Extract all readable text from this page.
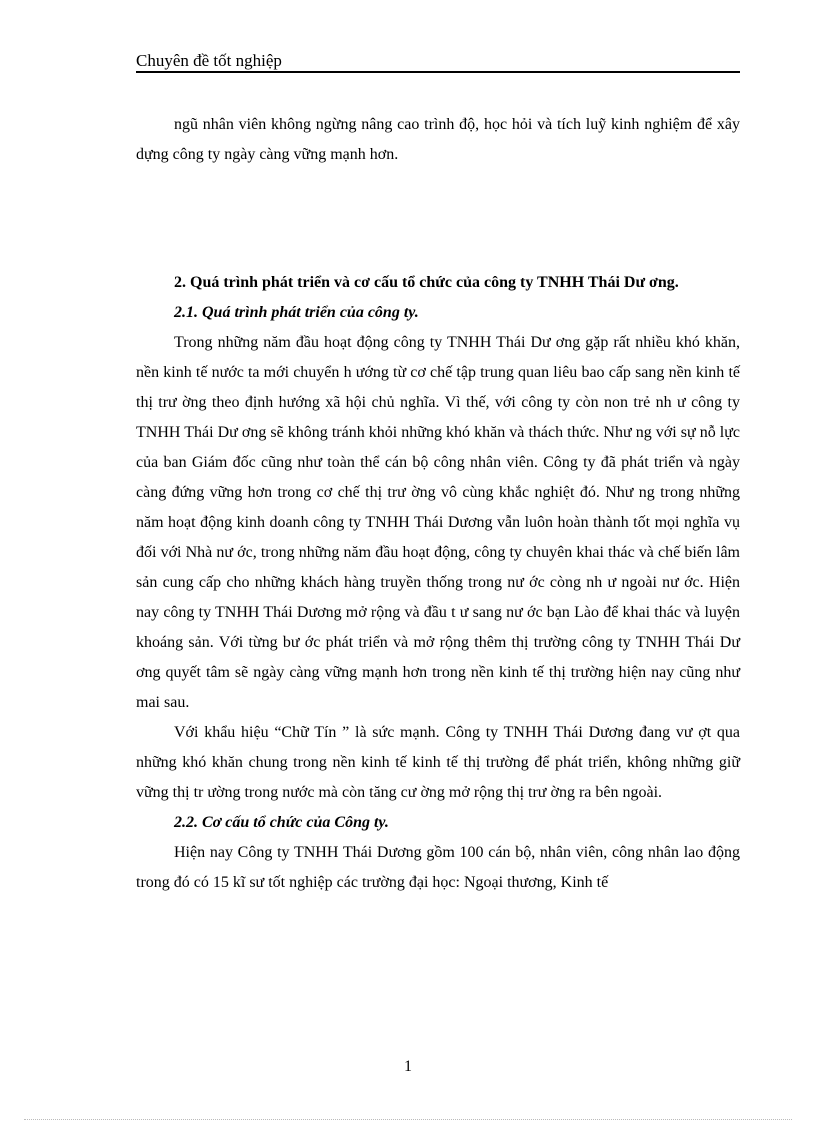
Chuyên đề tốt nghiệp

ngũ nhân viên không ngừng nâng cao trình độ, học hỏi và tích luỹ kinh nghiệm để xây dựng công ty ngày càng vững mạnh hơn.

2. Quá trình phát triển và cơ cấu tổ chức của công ty TNHH Thái Dư ơng.

2.1. Quá trình phát triển của công ty.

Trong những năm đầu hoạt động công ty TNHH Thái Dư ơng gặp rất nhiều khó khăn, nền kinh tế nước ta mới chuyển h ướng từ cơ chế tập trung quan liêu bao cấp sang nền kinh tế thị trư ờng theo định hướng xã hội chủ nghĩa. Vì thế, với công ty còn non trẻ nh ư công ty TNHH Thái Dư ơng sẽ không tránh khỏi những khó khăn và thách thức. Như ng với sự nỗ lực của ban Giám đốc cũng như toàn thể cán bộ công nhân viên. Công ty đã phát triển và ngày càng đứng vững hơn trong cơ chế thị trư ờng vô cùng khắc nghiệt đó. Như ng trong những năm hoạt động kinh doanh công ty TNHH Thái Dương vẫn luôn hoàn thành tốt mọi nghĩa vụ đối với Nhà nư ớc, trong những năm đầu hoạt động, công ty chuyên khai thác và chế biến lâm sản cung cấp cho những khách hàng truyền thống trong nư ớc còng nh ư ngoài nư ớc. Hiện nay công ty TNHH Thái Dương mở rộng và đầu t ư sang nư ớc bạn Lào để khai thác và luyện khoáng sản. Với từng bư ớc phát triển và mở rộng thêm thị trường công ty TNHH Thái Dư ơng quyết tâm sẽ ngày càng vững mạnh hơn trong nền kinh tế thị trường hiện nay cũng như mai sau.

Với khẩu hiệu “Chữ Tín ” là sức mạnh. Công ty TNHH Thái Dương đang vư ợt qua những khó khăn chung trong nền kinh tế kinh tế thị trường để phát triển, không những giữ vững thị tr ường trong nước mà còn tăng cư ờng mở rộng thị trư ờng ra bên ngoài.

2.2. Cơ cấu tổ chức của Công ty.

Hiện nay Công ty TNHH Thái Dương gồm 100 cán bộ, nhân viên, công nhân lao động trong đó có 15 kĩ sư tốt nghiệp các trường đại học: Ngoại thương, Kinh tế

1
